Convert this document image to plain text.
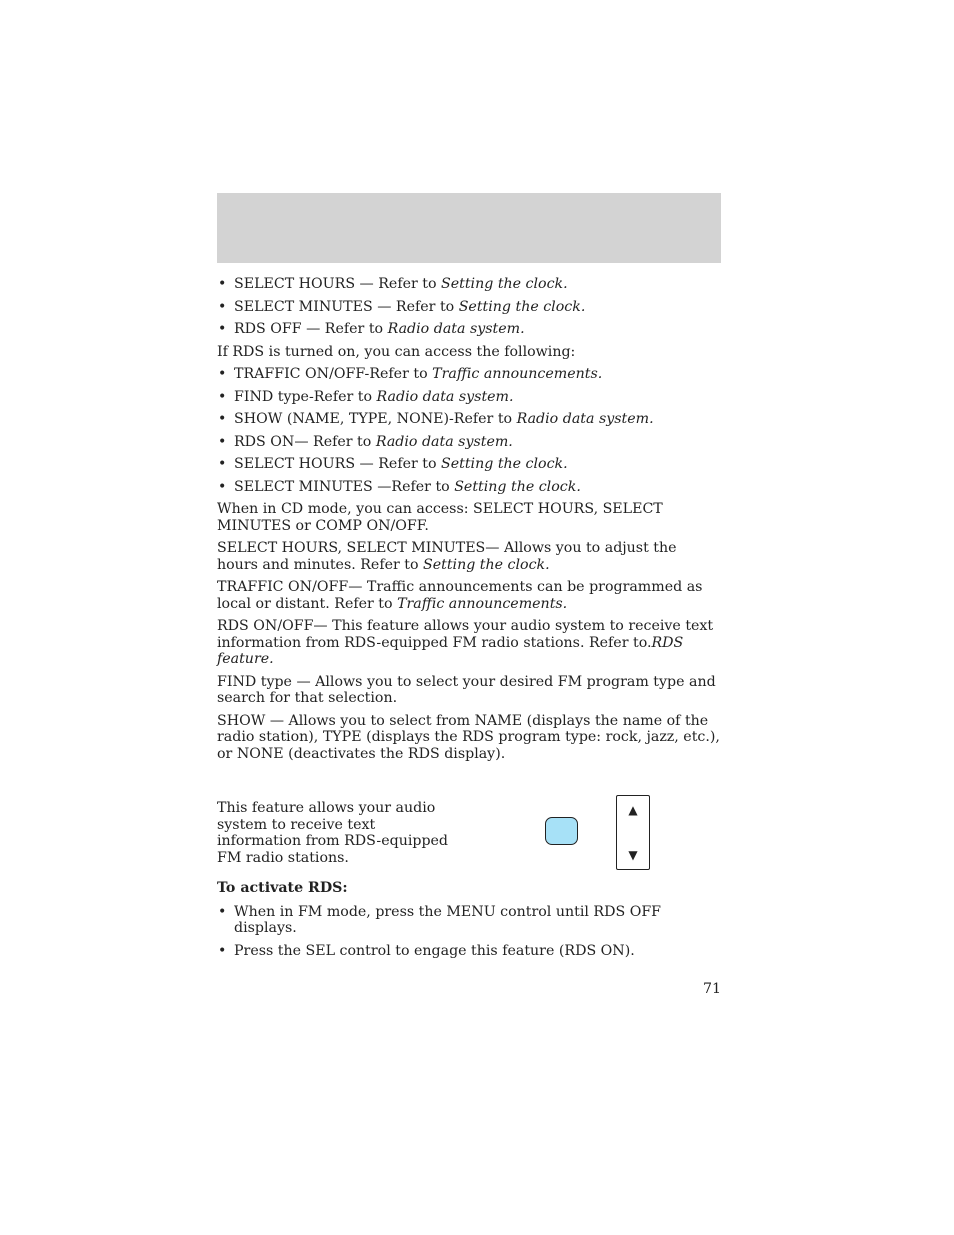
• SELECT HOURS — Refer to Setting the clock.
• SELECT MINUTES — Refer to Setting the clock.
• RDS OFF — Refer to Radio data system.

If RDS is turned on, you can access the following:

• TRAFFIC ON/OFF-Refer to Traffic announcements.
• FIND type-Refer to Radio data system.
• SHOW (NAME, TYPE, NONE)-Refer to Radio data system.
• RDS ON— Refer to Radio data system.
• SELECT HOURS — Refer to Setting the clock.
• SELECT MINUTES —Refer to Setting the clock.

When in CD mode, you can access: SELECT HOURS, SELECT MINUTES or COMP ON/OFF.

SELECT HOURS, SELECT MINUTES— Allows you to adjust the hours and minutes. Refer to Setting the clock.

TRAFFIC ON/OFF— Traffic announcements can be programmed as local or distant. Refer to Traffic announcements.

RDS ON/OFF— This feature allows your audio system to receive text information from RDS-equipped FM radio stations. Refer to.RDS feature.

FIND type — Allows you to select your desired FM program type and search for that selection.

SHOW — Allows you to select from NAME (displays the name of the radio station), TYPE (displays the RDS program type: rock, jazz, etc.), or NONE (deactivates the RDS display).

This feature allows your audio system to receive text information from RDS-equipped FM radio stations.
▲
▼
To activate RDS:
• When in FM mode, press the MENU control until RDS OFF displays.
• Press the SEL control to engage this feature (RDS ON).
71
